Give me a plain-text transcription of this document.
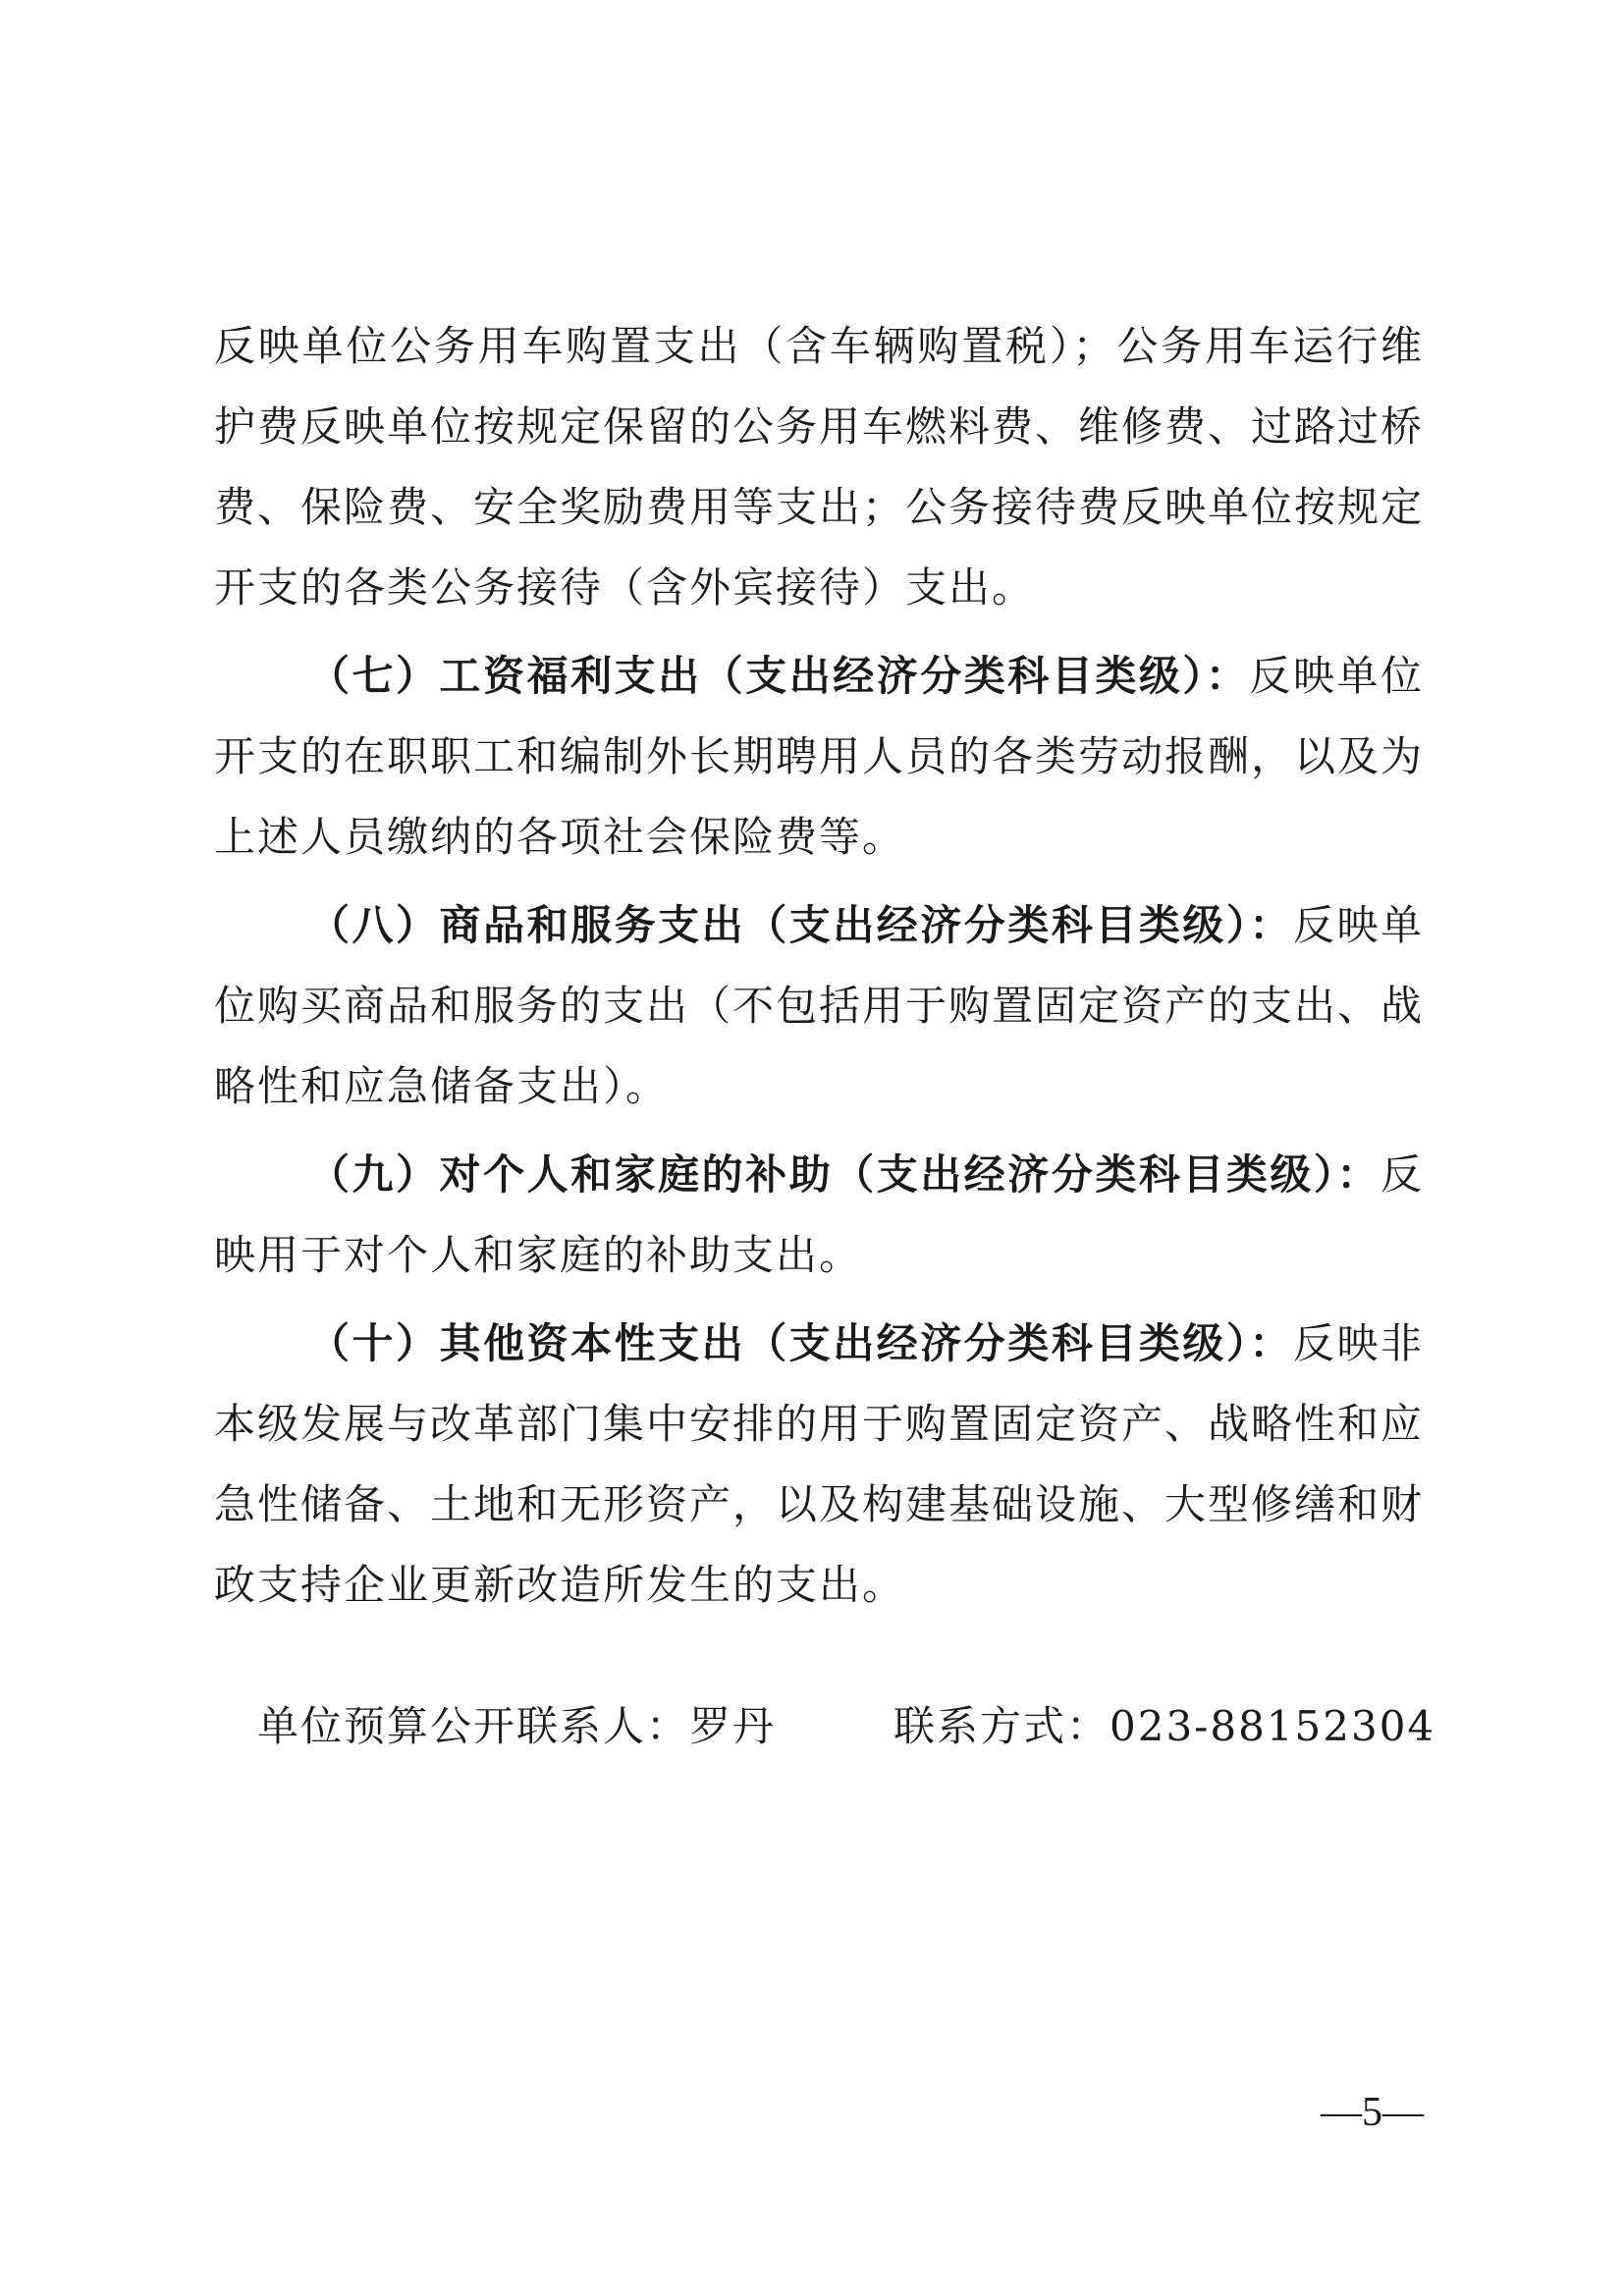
反映单位公务用车购置支出（含车辆购置税）；公务用车运行维护费反映单位按规定保留的公务用车燃料费、维修费、过路过桥费、保险费、安全奖励费用等支出；公务接待费反映单位按规定开支的各类公务接待（含外宾接待）支出。

（七）工资福利支出（支出经济分类科目类级）：反映单位开支的在职职工和编制外长期聘用人员的各类劳动报酬，以及为上述人员缴纳的各项社会保险费等。

（八）商品和服务支出（支出经济分类科目类级）：反映单位购买商品和服务的支出（不包括用于购置固定资产的支出、战略性和应急储备支出）。

（九）对个人和家庭的补助（支出经济分类科目类级）：反映用于对个人和家庭的补助支出。

（十）其他资本性支出（支出经济分类科目类级）：反映非本级发展与改革部门集中安排的用于购置固定资产、战略性和应急性储备、土地和无形资产，以及构建基础设施、大型修缮和财政支持企业更新改造所发生的支出。

单位预算公开联系人：罗丹	联系方式：023-88152304
—5—
